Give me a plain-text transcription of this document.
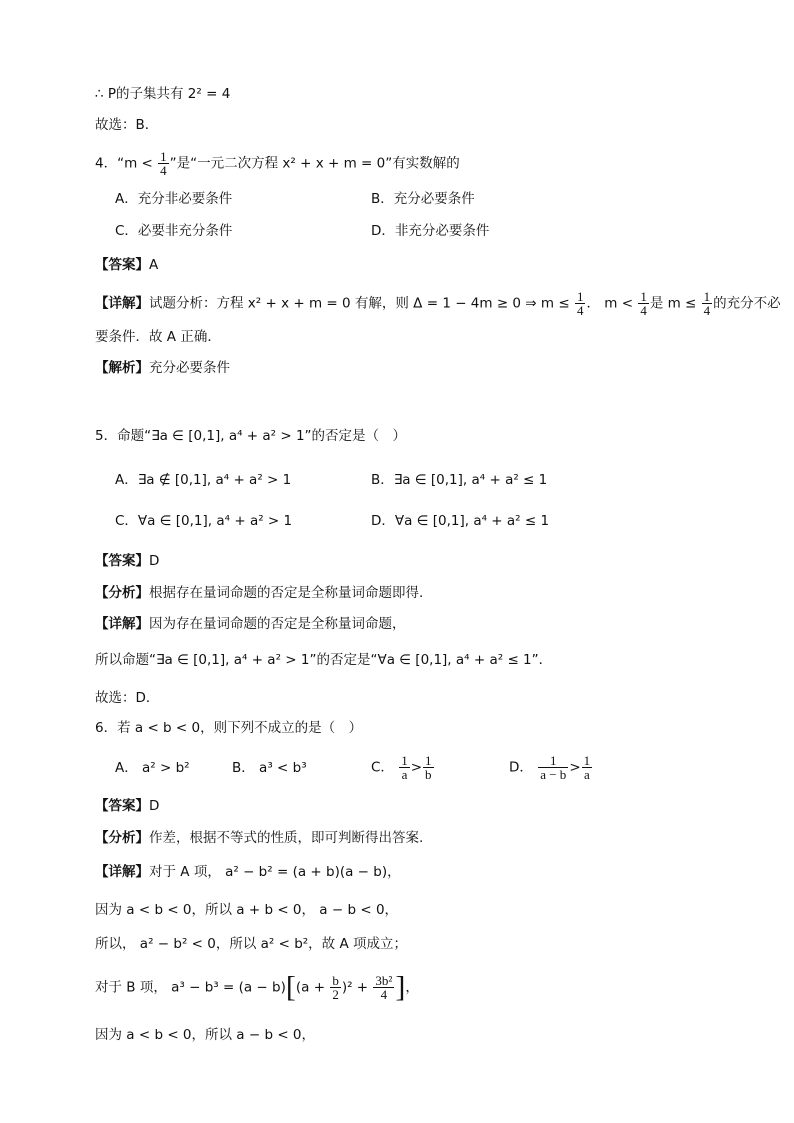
∴ P的子集共有 2² = 4
故选：B．
4．“$m < \frac{1}{4}$ ”是“一元二次方程 x² + x + m = 0”有实数解的
A．充分非必要条件	B．充分必要条件
C．必要非充分条件	D．非充分必要条件
【答案】A
【详解】试题分析：方程 x² + x + m = 0 有解，则 Δ = 1 − 4m ≥ 0 ⇒ $m \le \frac{1}{4}$ ． $m < \frac{1}{4}$ 是 $m \le \frac{1}{4}$ 的充分不必
要条件．故 A 正确．
【解析】充分必要条件
5．命题“∃a ∈ [0,1], a⁴ + a² > 1”的否定是（　）
A．∃a ∉ [0,1], a⁴ + a² > 1	B．∃a ∈ [0,1], a⁴ + a² ≤ 1
C．∀a ∈ [0,1], a⁴ + a² > 1	D．∀a ∈ [0,1], a⁴ + a² ≤ 1
【答案】D
【分析】根据存在量词命题的否定是全称量词命题即得.
【详解】因为存在量词命题的否定是全称量词命题，
所以命题“∃a ∈ [0,1], a⁴ + a² > 1”的否定是“∀a ∈ [0,1], a⁴ + a² ≤ 1”．
故选：D．
6．若 a < b < 0，则下列不成立的是（　）
A． a² > b²	B． a³ < b³	C． $\frac{1}{a} > \frac{1}{b}$	D． $\frac{1}{a - b} > \frac{1}{a}$
【答案】D
【分析】作差，根据不等式的性质，即可判断得出答案.
【详解】对于 A 项， a² − b² = (a + b)(a − b)，
因为 a < b < 0，所以 a + b < 0， a − b < 0，
所以， a² − b² < 0，所以 a² < b²，故 A 项成立；
对于 B 项， $a^3 - b^3 = (a - b)[(a + \frac{b}{2} )^2 + \frac{\text{3b²}}{4}$ ]，
因为 a < b < 0，所以 a − b < 0，
